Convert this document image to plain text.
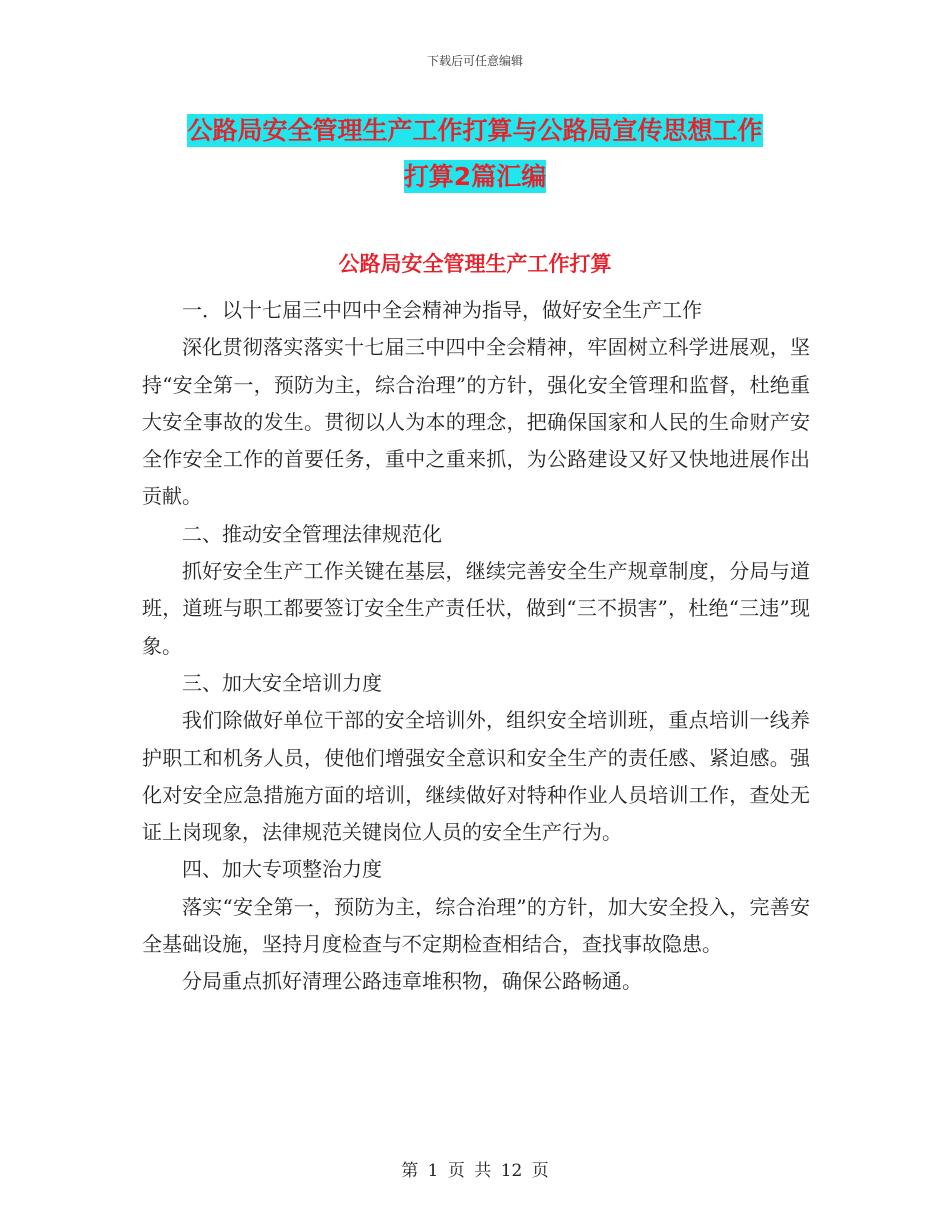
下载后可任意编辑
公路局安全管理生产工作打算与公路局宣传思想工作
打算2篇汇编
公路局安全管理生产工作打算

一．以十七届三中四中全会精神为指导，做好安全生产工作

深化贯彻落实落实十七届三中四中全会精神，牢固树立科学进展观，坚持“安全第一，预防为主，综合治理”的方针，强化安全管理和监督，杜绝重大安全事故的发生。贯彻以人为本的理念，把确保国家和人民的生命财产安全作安全工作的首要任务，重中之重来抓，为公路建设又好又快地进展作出贡献。

二、推动安全管理法律规范化

抓好安全生产工作关键在基层，继续完善安全生产规章制度，分局与道班，道班与职工都要签订安全生产责任状，做到“三不损害”，杜绝“三违”现象。

三、加大安全培训力度

我们除做好单位干部的安全培训外，组织安全培训班，重点培训一线养护职工和机务人员，使他们增强安全意识和安全生产的责任感、紧迫感。强化对安全应急措施方面的培训，继续做好对特种作业人员培训工作，查处无证上岗现象，法律规范关键岗位人员的安全生产行为。

四、加大专项整治力度

落实“安全第一，预防为主，综合治理”的方针，加大安全投入，完善安全基础设施，坚持月度检查与不定期检查相结合，查找事故隐患。

分局重点抓好清理公路违章堆积物，确保公路畅通。

第 1 页 共 12 页
